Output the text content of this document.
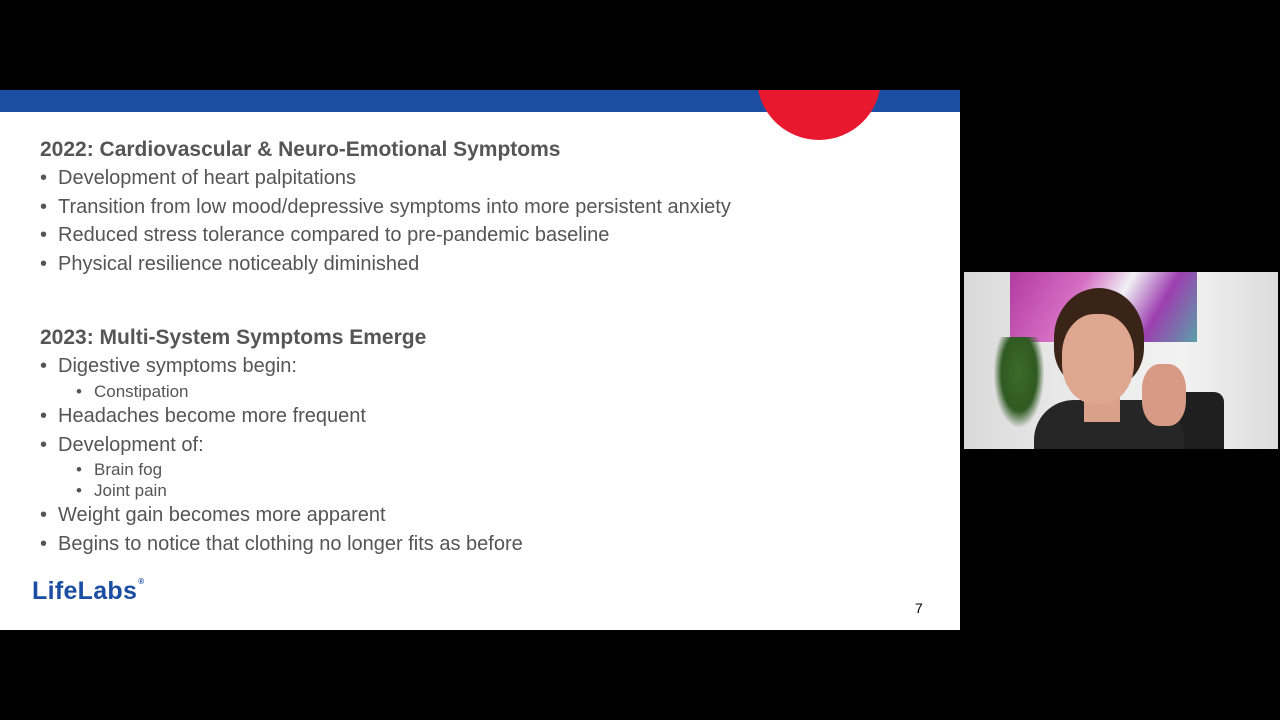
2022: Cardiovascular & Neuro-Emotional Symptoms
• Development of heart palpitations
• Transition from low mood/depressive symptoms into more persistent anxiety
• Reduced stress tolerance compared to pre-pandemic baseline
• Physical resilience noticeably diminished
2023: Multi-System Symptoms Emerge
• Digestive symptoms begin:
• Constipation
• Headaches become more frequent
• Development of:
• Brain fog
• Joint pain
• Weight gain becomes more apparent
• Begins to notice that clothing no longer fits as before
LifeLabs®
7
